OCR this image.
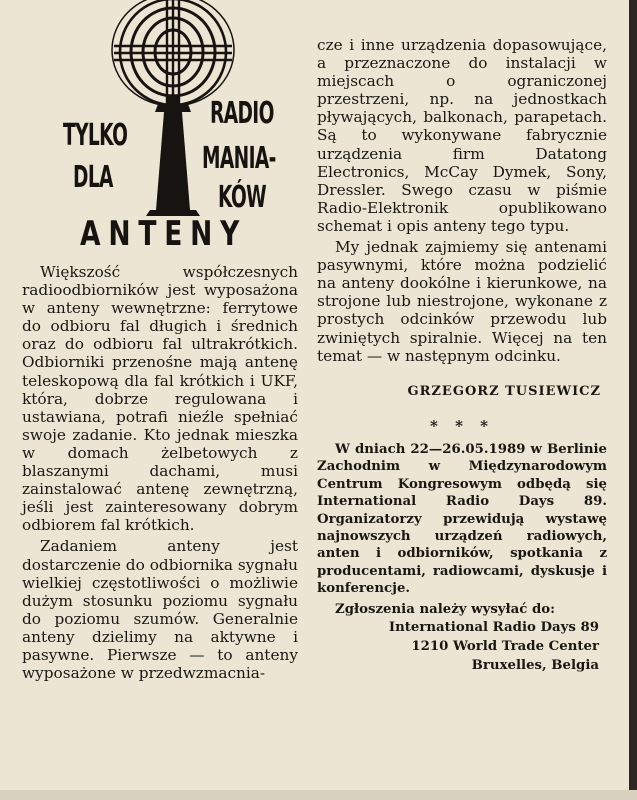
TYLKO
DLA
RADIO
MANIA-
KÓW
ANTENY

Większość współczesnych radioodbiorników jest wyposażona w anteny wewnętrzne: ferrytowe do odbioru fal długich i średnich oraz do odbioru fal ultrakrótkich. Odbiorniki przenośne mają antenę teleskopową dla fal krótkich i UKF, która, dobrze regulowana i ustawiana, potrafi nieźle spełniać swoje zadanie. Kto jednak mieszka w domach żelbetowych z blaszanymi dachami, musi zainstalować antenę zewnętrzną, jeśli jest zainteresowany dobrym odbiorem fal krótkich.

Zadaniem anteny jest dostarczenie do odbiornika sygnału wielkiej częstotliwości o możliwie dużym stosunku poziomu sygnału do poziomu szumów. Generalnie anteny dzielimy na aktywne i pasywne. Pierwsze — to anteny wyposażone w przedwzmacnia-

cze i inne urządzenia dopasowujące, a przeznaczone do instalacji w miejscach o ograniczonej przestrzeni, np. na jednostkach pływających, balkonach, parapetach. Są to wykonywane fabrycznie urządzenia firm Datatong Electronics, McCay Dymek, Sony, Dressler. Swego czasu w piśmie Radio-Elektronik opublikowano schemat i opis anteny tego typu.

My jednak zajmiemy się antenami pasywnymi, które można podzielić na anteny dookólne i kierunkowe, na strojone lub niestrojone, wykonane z prostych odcinków przewodu lub zwiniętych spiralnie. Więcej na ten temat — w następnym odcinku.

GRZEGORZ TUSIEWICZ
* * *

W dniach 22—26.05.1989 w Berlinie Zachodnim w Międzynarodowym Centrum Kongresowym odbędą się International Radio Days 89. Organizatorzy przewidują wystawę najnowszych urządzeń radiowych, anten i odbiorników, spotkania z producentami, radiowcami, dyskusje i konferencje.

Zgłoszenia należy wysyłać do:

International Radio Days 89
1210 World Trade Center
Bruxelles, Belgia
